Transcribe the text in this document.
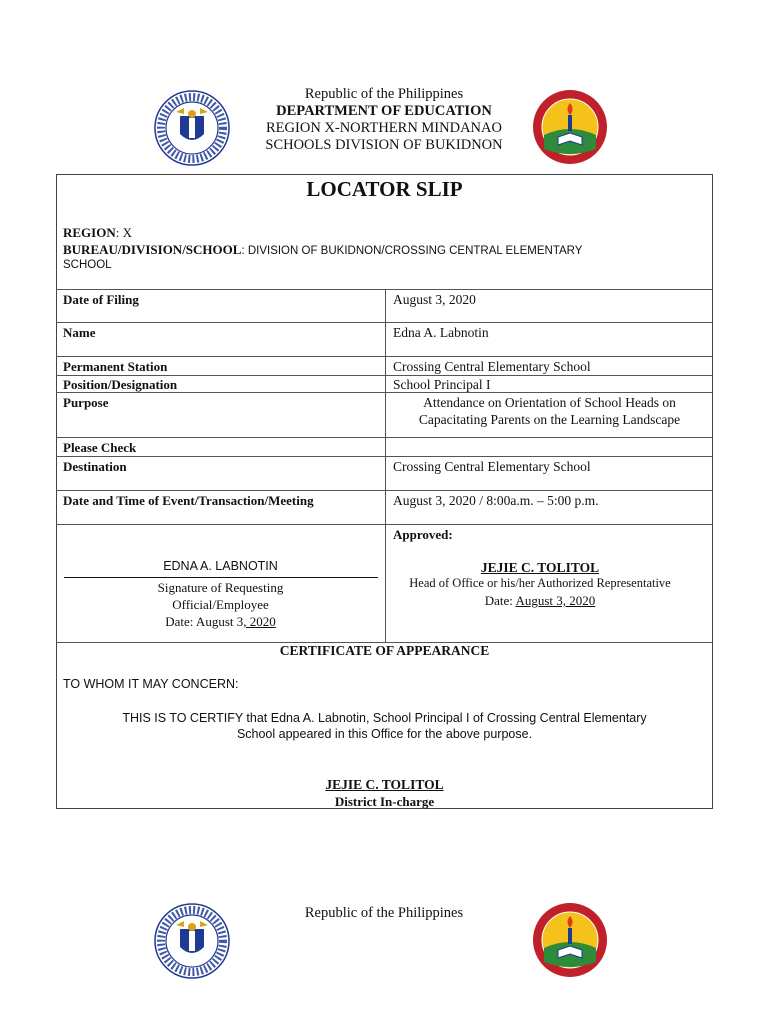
Republic of the Philippines
DEPARTMENT OF EDUCATION
REGION X-NORTHERN MINDANAO
SCHOOLS DIVISION OF BUKIDNON
LOCATOR SLIP
REGION: X
BUREAU/DIVISION/SCHOOL: DIVISION OF BUKIDNON/CROSSING CENTRAL ELEMENTARY
SCHOOL
Date of Filing	August 3, 2020
Name	Edna A. Labnotin
Permanent Station	Crossing Central Elementary School
Position/Designation	School Principal I
Purpose	Attendance on Orientation of School Heads on
Capacitating Parents on the Learning Landscape
Please Check
Destination	Crossing Central Elementary School
Date and Time of Event/Transaction/Meeting	August 3, 2020 / 8:00a.m. – 5:00 p.m.
EDNA A. LABNOTIN
Signature of Requesting
Official/Employee
Date: August 3, 2020
Approved:
JEJIE C. TOLITOL
Head of Office or his/her Authorized Representative
Date: August 3, 2020
CERTIFICATE OF APPEARANCE
TO WHOM IT MAY CONCERN:
THIS IS TO CERTIFY that Edna A. Labnotin, School Principal I of Crossing Central Elementary
School appeared in this Office for the above purpose.
JEJIE C. TOLITOL
District In-charge
Republic of the Philippines
